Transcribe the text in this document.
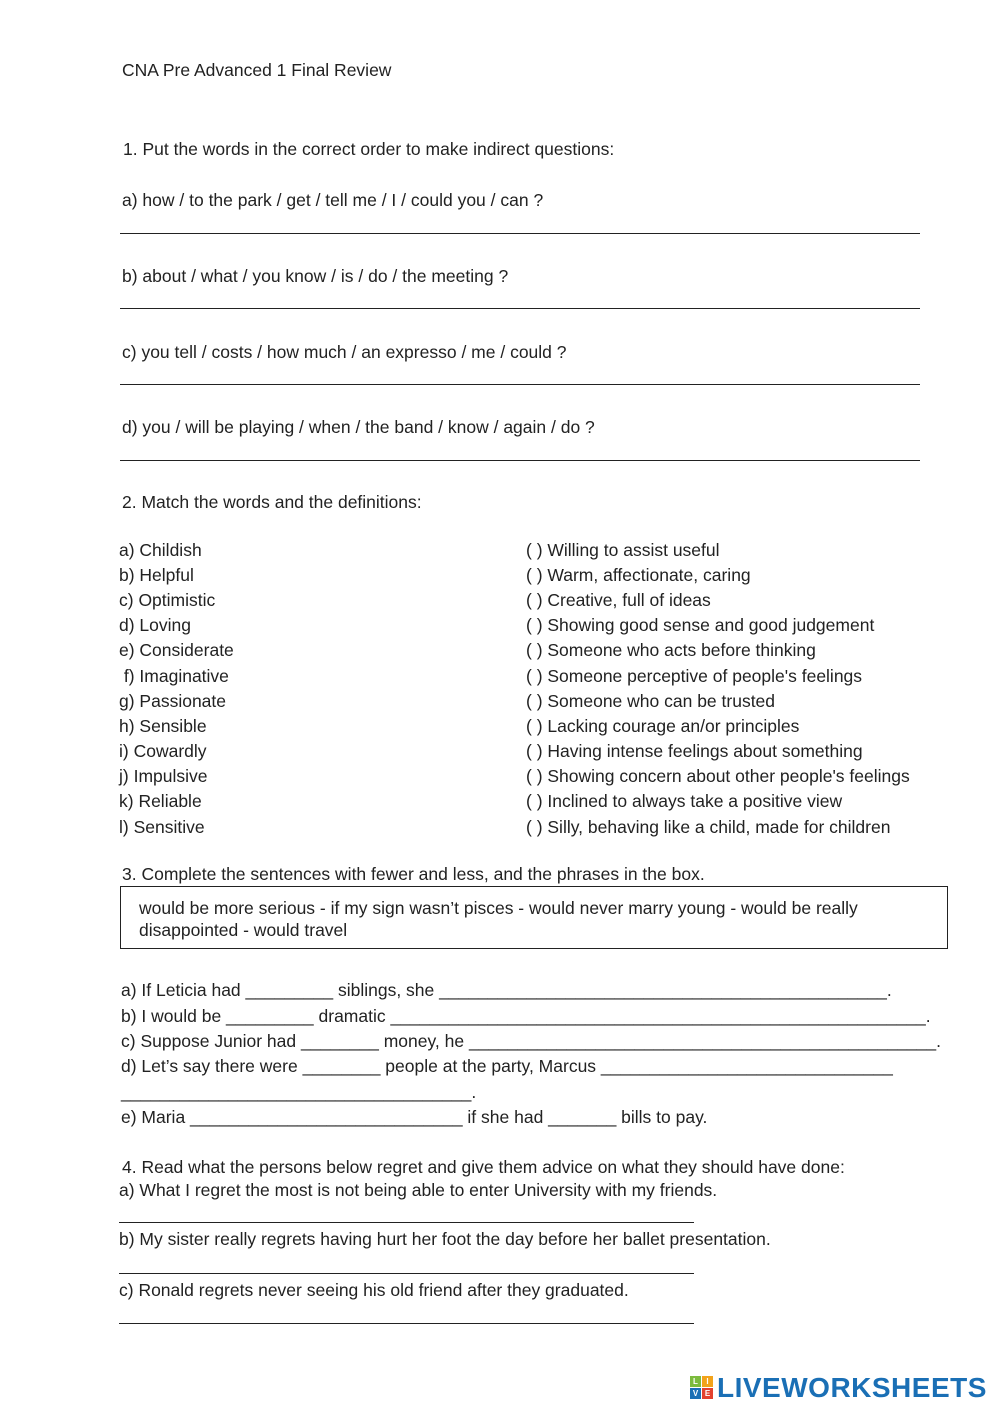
CNA Pre Advanced 1 Final Review
1. Put the words in the correct order to make indirect questions:
a) how / to the park / get / tell me / I / could you / can ?
b) about / what / you know / is / do / the meeting ?
c) you tell / costs / how much / an expresso / me / could ?
d) you / will be playing / when / the band / know / again / do ?
2. Match the words and the definitions:
a) Childish
b) Helpful
c) Optimistic
d) Loving
e) Considerate
f) Imaginative
g) Passionate
h) Sensible
i) Cowardly
j) Impulsive
k) Reliable
l) Sensitive
( ) Willing to assist useful
( ) Warm, affectionate, caring
( ) Creative, full of ideas
( ) Showing good sense and good judgement
( ) Someone who acts before thinking
( ) Someone perceptive of people's feelings
( ) Someone who can be trusted
( ) Lacking courage an/or principles
( ) Having intense feelings about something
( ) Showing concern about other people's feelings
( ) Inclined to always take a positive view
( ) Silly, behaving like a child, made for children
3. Complete the sentences with fewer and less, and the phrases in the box.
would be more serious - if my sign wasn’t pisces - would never marry young - would be really disappointed - would travel
a) If Leticia had _________ siblings, she ______________________________________________.
b) I would be _________ dramatic _______________________________________________________.
c) Suppose Junior had ________ money, he ________________________________________________.
d) Let’s say there were ________ people at the party, Marcus ______________________________
____________________________________.
e) Maria ____________________________ if she had _______ bills to pay.
4. Read what the persons below regret and give them advice on what they should have done:
a) What I regret the most is not being able to enter University with my friends.
b) My sister really regrets having hurt her foot the day before her ballet presentation.
c) Ronald regrets never seeing his old friend after they graduated.
L	I
V E LIVEWORKSHEETS
